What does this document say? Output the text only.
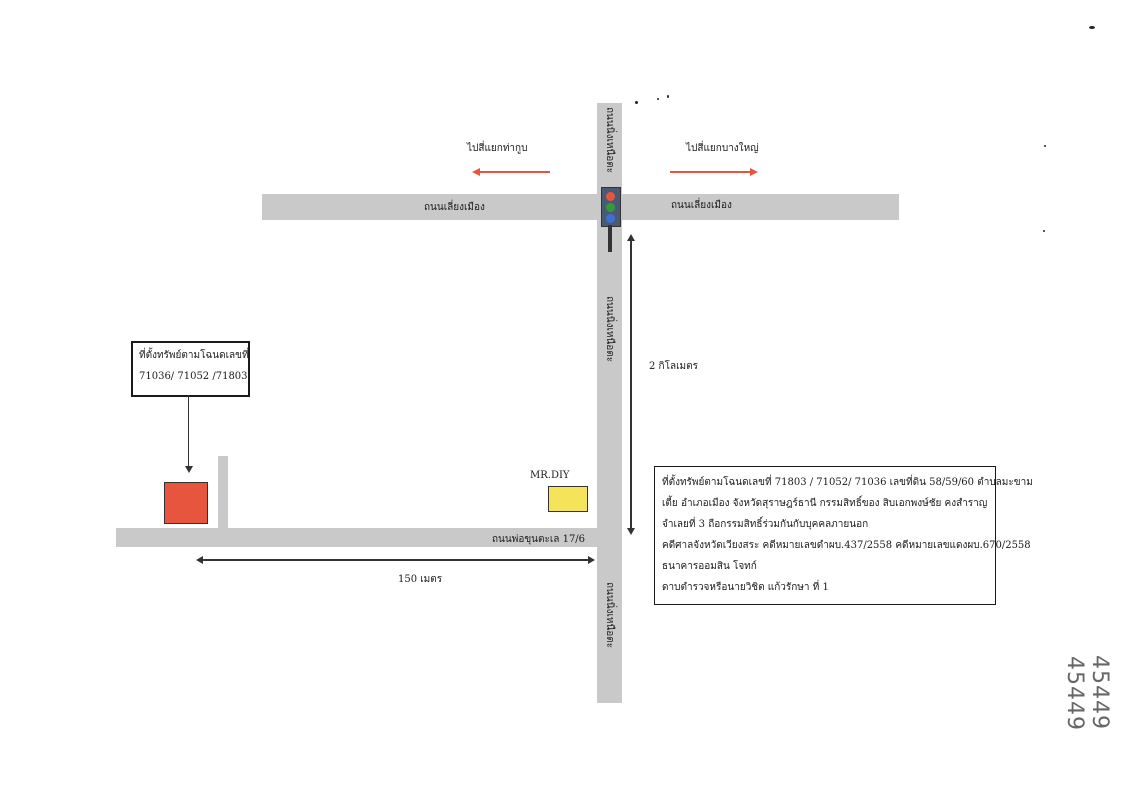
ถนนเลี่ยงเมือง	ถนนเลี่ยงเมือง
ถนนพ่อขุนตะเล 17/6
ถนนนิ่งเหนือตะ
ถนนนิ่งเหนือตะ
ถนนนิ่งเหนือตะ
ไปสี่แยกท่ากูบ	ไปสี่แยกบางใหญ่
2 กิโลเมตร
150 เมตร
ที่ตั้งทรัพย์ตามโฉนดเลขที่
71036/ 71052 /71803
MR.DIY
ที่ตั้งทรัพย์ตามโฉนดเลขที่ 71803 / 71052/ 71036 เลขที่ดิน 58/59/60 ตำบลมะขาม
เตี้ย อำเภอเมือง จังหวัดสุราษฎร์ธานี กรรมสิทธิ์ของ สิบเอกพงษ์ชัย คงสำราญ
จำเลยที่ 3 ถือกรรมสิทธิ์ร่วมกันกับบุคคลภายนอก
คดีศาลจังหวัดเวียงสระ คดีหมายเลขดำผบ.437/2558 คดีหมายเลขแดงผบ.670/2558
ธนาคารออมสิน โจทก์
ดาบตำรวจหรือนายวิชิต แก้วรักษา ที่ 1
45449
45449
